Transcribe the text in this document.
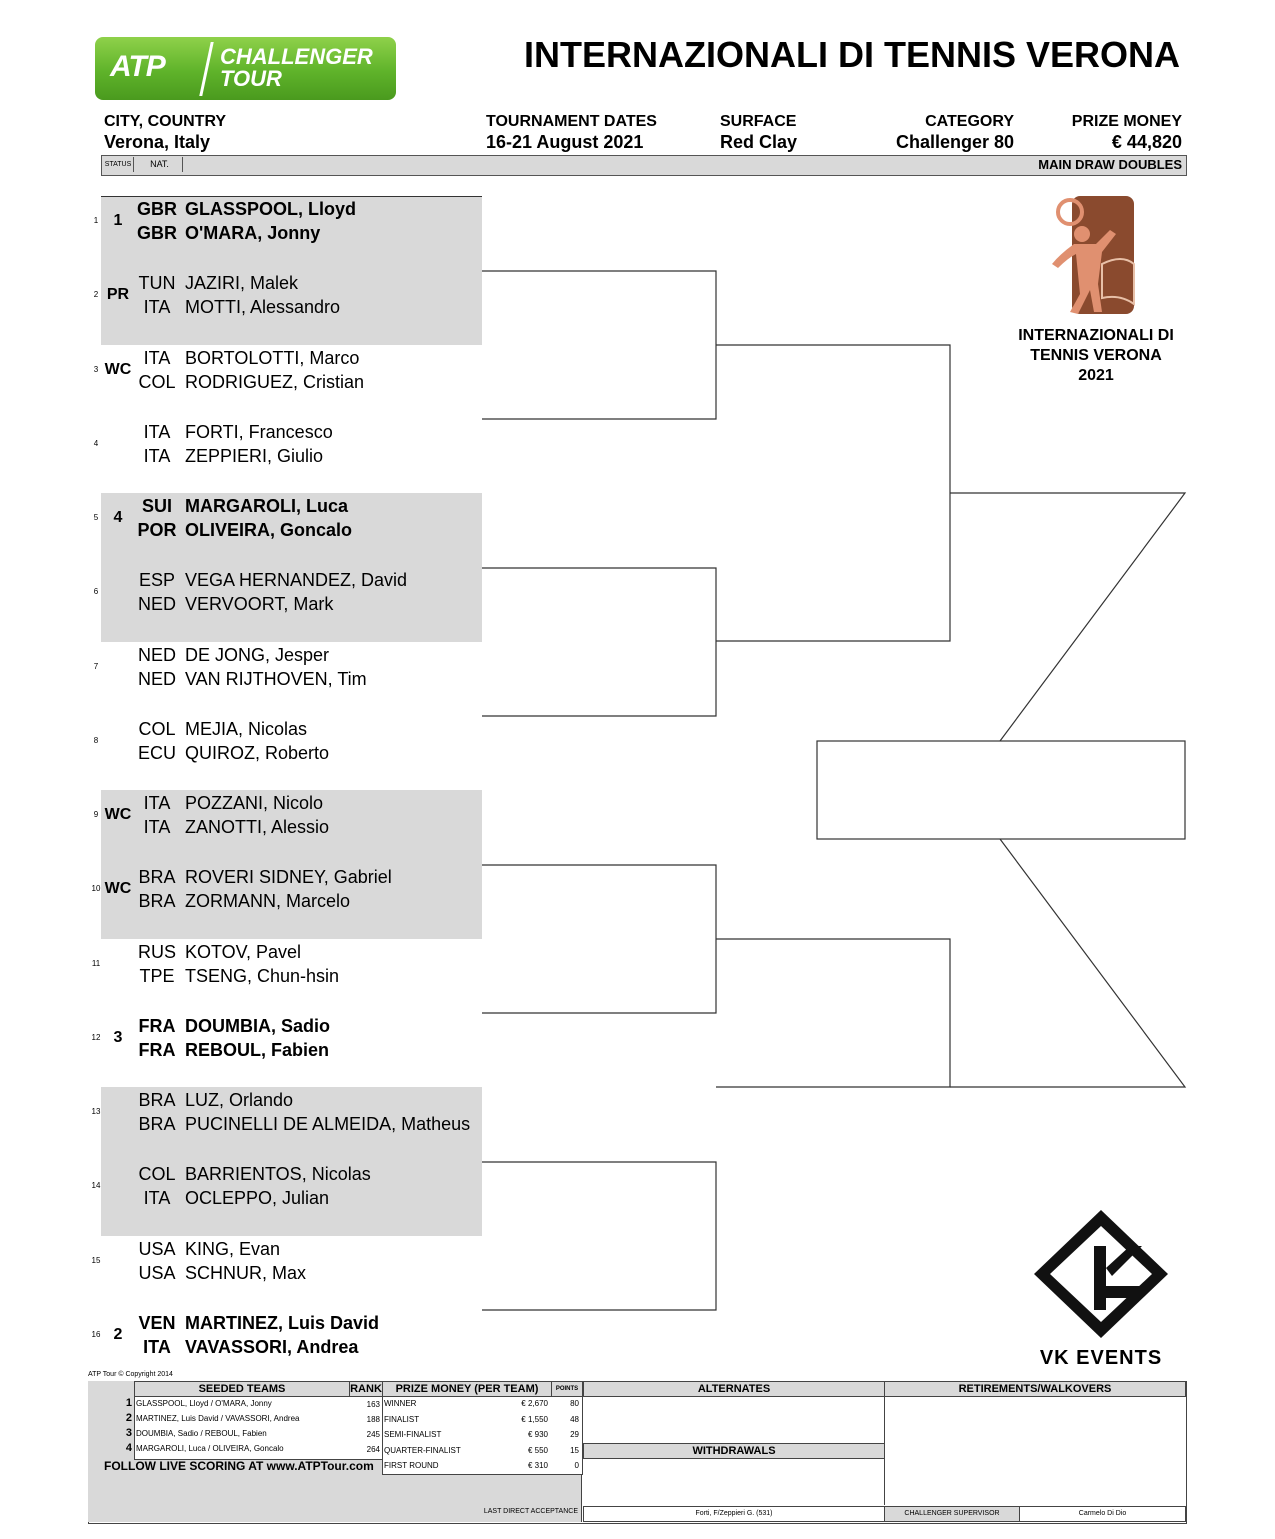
ATP	CHALLENGER
TOUR
INTERNAZIONALI DI TENNIS VERONA
CITY, COUNTRY
Verona, Italy
TOURNAMENT DATES
16-21 August 2021
SURFACE
Red Clay
CATEGORY
Challenger 80
PRIZE MONEY
€ 44,820
STATUS	NAT.	MAIN DRAW DOUBLES
1 1
GBR GLASSPOOL, Lloyd
GBR O'MARA, Jonny
2 PR
TUN JAZIRI, Malek
ITA MOTTI, Alessandro
3 WC
ITA BORTOLOTTI, Marco
COL RODRIGUEZ, Cristian
4
ITA FORTI, Francesco
ITA ZEPPIERI, Giulio
5 4
SUI MARGAROLI, Luca
POR OLIVEIRA, Goncalo
6
ESP VEGA HERNANDEZ, David
NED VERVOORT, Mark
7
NED DE JONG, Jesper
NED VAN RIJTHOVEN, Tim
8
COL MEJIA, Nicolas
ECU QUIROZ, Roberto
9 WC
ITA POZZANI, Nicolo
ITA ZANOTTI, Alessio
10 WC
BRA ROVERI SIDNEY, Gabriel
BRA ZORMANN, Marcelo
11
RUS KOTOV, Pavel
TPE TSENG, Chun-hsin
12 3
FRA DOUMBIA, Sadio
FRA REBOUL, Fabien
13
BRA LUZ, Orlando
BRA PUCINELLI DE ALMEIDA, Matheus
14
COL BARRIENTOS, Nicolas
ITA OCLEPPO, Julian
15
USA KING, Evan
USA SCHNUR, Max
16 2
VEN MARTINEZ, Luis David
ITA VAVASSORI, Andrea
INTERNAZIONALI DI
TENNIS VERONA
2021
VK EVENTS
ATP Tour © Copyright 2014
SEEDED TEAMS	RANK	PRIZE MONEY (PER TEAM)	POINTS
1 GLASSPOOL, Lloyd / O'MARA, Jonny	163
2 MARTINEZ, Luis David / VAVASSORI, Andrea	188
3 DOUMBIA, Sadio / REBOUL, Fabien	245
4 MARGAROLI, Luca / OLIVEIRA, Goncalo	264
WINNER	€ 2,670	80
FINALIST	€ 1,550	48
SEMI-FINALIST	€ 930	29
QUARTER-FINALIST	€ 550	15
FIRST ROUND	€ 310	0
FOLLOW LIVE SCORING AT www.ATPTour.com
ALTERNATES	RETIREMENTS/WALKOVERS
WITHDRAWALS
LAST DIRECT ACCEPTANCE	Forti, F/Zeppieri G. (531)	CHALLENGER SUPERVISOR	Carmelo Di Dio
